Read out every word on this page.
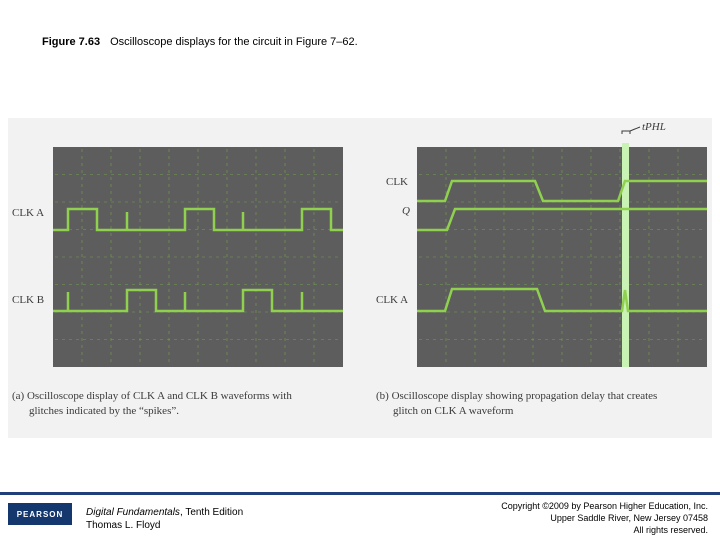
Figure 7.63 Oscilloscope displays for the circuit in Figure 7–62.
CLK A
CLK B
CLK
Q
CLK A
tPHL
(a) Oscilloscope display of CLK A and CLK B waveforms with
glitches indicated by the “spikes”.
(b) Oscilloscope display showing propagation delay that creates
glitch on CLK A waveform
PEARSON	Digital Fundamentals, Tenth Edition
Thomas L. Floyd
Copyright ©2009 by Pearson Higher Education, Inc.
Upper Saddle River, New Jersey 07458
All rights reserved.
